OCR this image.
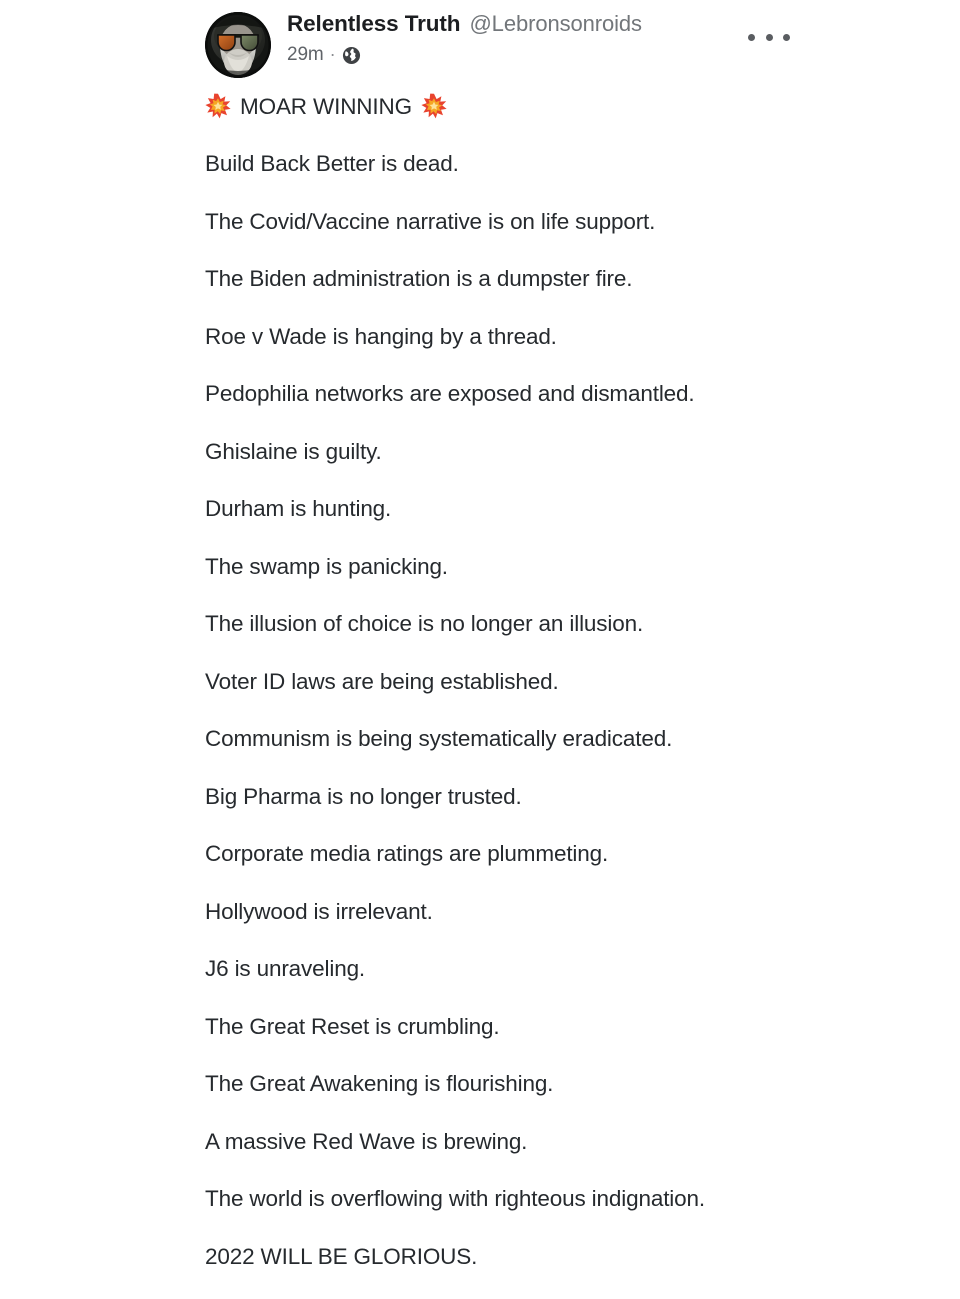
Relentless Truth @Lebronsonroids
29m ·
MOAR WINNING

Build Back Better is dead.

The Covid/Vaccine narrative is on life support.

The Biden administration is a dumpster fire.

Roe v Wade is hanging by a thread.

Pedophilia networks are exposed and dismantled.

Ghislaine is guilty.

Durham is hunting.

The swamp is panicking.

The illusion of choice is no longer an illusion.

Voter ID laws are being established.

Communism is being systematically eradicated.

Big Pharma is no longer trusted.

Corporate media ratings are plummeting.

Hollywood is irrelevant.

J6 is unraveling.

The Great Reset is crumbling.

The Great Awakening is flourishing.

A massive Red Wave is brewing.

The world is overflowing with righteous indignation.

2022 WILL BE GLORIOUS.
